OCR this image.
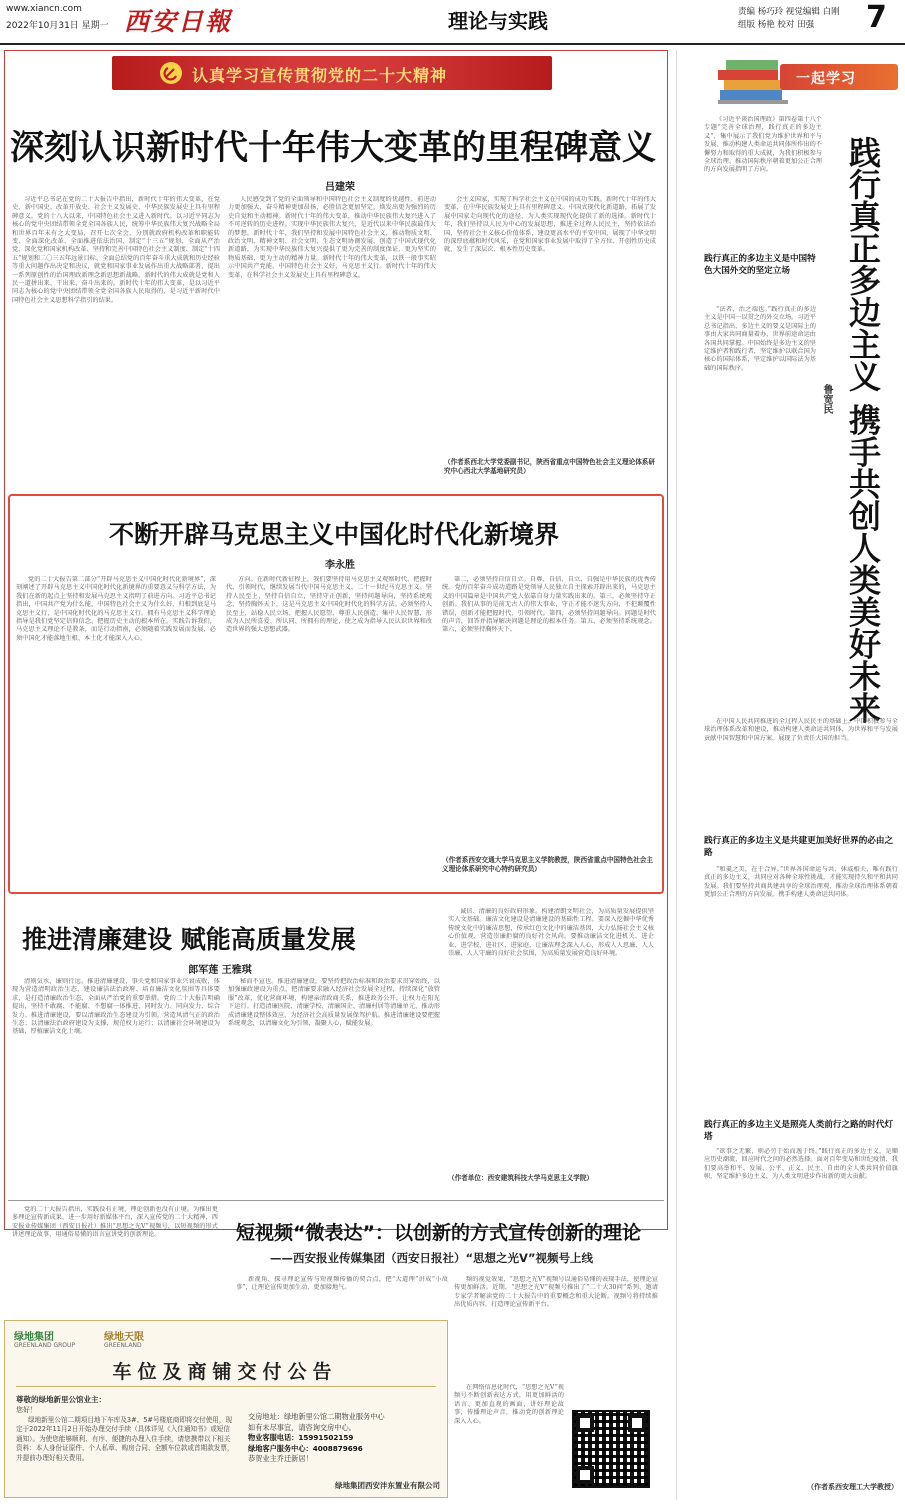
www.xiancn.com
2022年10月31日 星期一 西安日報	理论与实践	责编 杨巧玲 视觉编辑 白刚
组版 杨艳 校对 田强	7
认真学习宣传贯彻党的二十大精神
深刻认识新时代十年伟大变革的里程碑意义
吕建荣
习近平总书记在党的二十大报告中指出，新时代十年的伟大变革，在党史、新中国史、改革开放史、社会主义发展史、中华民族发展史上具有里程碑意义。党的十八大以来，中国特色社会主义进入新时代。以习近平同志为核心的党中央团结带领全党全国各族人民，统筹中华民族伟大复兴战略全局和世界百年未有之大变局，召开七次全会，分别就政府机构改革和职能转变、全面深化改革、全面推进依法治国、制定“十三五”规划、全面从严治党、深化党和国家机构改革、坚持和完善中国特色社会主义制度、制定“十四五”规划和二〇三五年远景目标、全面总结党的百年奋斗重大成就和历史经验等重大问题作出决定和决议，就党和国家事业发展作出重大战略部署，提出一系列原创性的治国理政新理念新思想新战略。新时代的伟大成就是党和人民一道拼出来、干出来、奋斗出来的。新时代十年的伟大变革，是以习近平同志为核心的党中央团结带领全党全国各族人民取得的，是习近平新时代中国特色社会主义思想科学指引的结果。
人民感受到了党的全面领导和中国特色社会主义制度的优越性，前进动力更加强大，奋斗精神更加昂扬，必胜信念更加坚定，焕发出更为强烈的历史自觉和主动精神。新时代十年的伟大变革，推动中华民族伟大复兴进入了不可逆转的历史进程。实现中华民族伟大复兴，是近代以来中华民族最伟大的梦想。新时代十年，我们坚持和发展中国特色社会主义，推动物质文明、政治文明、精神文明、社会文明、生态文明协调发展，创造了中国式现代化新道路，为实现中华民族伟大复兴提供了更为完善的制度保证、更为坚实的物质基础、更为主动的精神力量。新时代十年的伟大变革，以铁一般事实昭示中国共产党能，中国特色社会主义好，马克思主义行。新时代十年的伟大变革，在科学社会主义发展史上具有里程碑意义。
会主义国家，实现了科学社会主义在中国的成功实践。新时代十年的伟大变革，在中华民族发展史上具有里程碑意义。中国式现代化新道路，拓展了发展中国家走向现代化的途径，为人类实现现代化提供了新的选择。新时代十年，我们坚持以人民为中心的发展思想，推进全过程人民民主，坚持依法治国，坚持社会主义核心价值体系，建设更高水平的平安中国，展现了中华文明的深厚底蕴和时代风采，在党和国家事业发展中取得了全方位、开创性历史成就，发生了深层次、根本性历史变革。
（作者系西北大学党委副书记，陕西省重点中国特色社会主义理论体系研究中心西北大学基地研究员）
不断开辟马克思主义中国化时代化新境界
李永胜
党的二十大报告第二部分“开辟马克思主义中国化时代化新境界”，深刻阐述了开辟马克思主义中国化时代化新境界的重要意义与科学方法，为我们在新的起点上坚持和发展马克思主义指明了前进方向。习近平总书记指出，中国共产党为什么能，中国特色社会主义为什么好，归根到底是马克思主义行，是中国化时代化的马克思主义行。拥有马克思主义科学理论指导是我们党坚定信仰信念、把握历史主动的根本所在。实践告诉我们，马克思主义理论不是教条，而是行动指南，必须随着实践发展而发展，必须中国化才能落地生根、本土化才能深入人心。
方向。在新时代新征程上，我们要坚持用马克思主义观察时代、把握时代、引领时代，继续发展当代中国马克思主义、二十一世纪马克思主义。坚持人民至上，坚持自信自立，坚持守正创新，坚持问题导向，坚持系统观念，坚持胸怀天下，这是马克思主义中国化时代化的科学方法。必须坚持人民至上，站稳人民立场、把握人民愿望、尊重人民创造、集中人民智慧，形成为人民所喜爱、所认同、所拥有的理论，使之成为指导人民认识世界和改造世界的强大思想武器。
第二，必须坚持自信自立。自尊、自信、自立、自强是中华民族的优秀传统。党的百年奋斗成功道路是党领导人民独立自主探索开辟出来的，马克思主义的中国篇章是中国共产党人依靠自身力量实践出来的。第三，必须坚持守正创新。我们从事的是前无古人的伟大事业，守正才能不迷失方向、不犯颠覆性错误，创新才能把握时代、引领时代。第四，必须坚持问题导向。问题是时代的声音，回答并指导解决问题是理论的根本任务。第五，必须坚持系统观念。第六，必须坚持胸怀天下。
（作者系西安交通大学马克思主义学院教授，陕西省重点中国特色社会主义理论体系研究中心特约研究员）
推进清廉建设 赋能高质量发展
郎军莲 王雅琪
清则気水，廉则行远。推进清廉建设，事关党和国家事业兴衰成败，体现为营造清明政治生态、建设廉洁法治政府、培育廉洁文化氛围等具体要求，是打造清廉政治生态、全面从严治党的重要举措。党的二十大报告明确提出，坚持不敢腐、不能腐、不想腐一体推进，同时发力、同向发力、综合发力。推进清廉建设，要以清廉政治生态建设为引领，营造风清气正的政治生态；以清廉法治政府建设为支撑，规范权力运行；以清廉社会环境建设为基础，厚植廉洁文化土壤。
秘而不宣也。推进清廉建设，要坚持把政治标准和政治要求贯穿始终，以加强廉政建设为重点，把清廉要求融入经济社会发展全过程，持续深化“放管服”改革，优化营商环境，构建亲清政商关系，推进政务公开，让权力在阳光下运行。打造清廉医院、清廉学校、清廉国企、清廉村居等清廉单元，推动形成清廉建设整体效应，为经济社会高质量发展保驾护航。推进清廉建设要把握系统观念，以清廉文化为引领，凝聚人心，赋能发展。
诚信、清廉的良好政府形象。构建清朗文明社会，为高质量发展提供坚实人文基础。廉洁文化建设是清廉建设的基础性工程。要深入挖掘中华优秀传统文化中的廉洁思想，传承红色文化中的廉洁基因，大力弘扬社会主义核心价值观，营造崇廉拒腐的良好社会风尚。要推动廉洁文化进机关、进企业、进学校、进社区、进家庭，让廉洁理念深入人心，形成人人思廉、人人崇廉、人人守廉的良好社会氛围，为高质量发展营造良好环境。
（作者单位：西安建筑科技大学马克思主义学院）
党的二十大报告指出，实践没有止境，理论创新也没有止境。为推出更多理论宣传新成果，进一步用好新媒体平台，深入宣传党的二十大精神，西安报业传媒集团（西安日报社）推出“思想之光V”视频号，以短视频的形式讲述理论故事，用通俗易懂的语言宣讲党的创新理论。	短视频“微表达”：以创新的方式宣传创新的理论
——西安报业传媒集团（西安日报社）“思想之光V”视频号上线
新视角、探寻理论宣传与短视频传播的契合点，把“大道理”讲成“小故事”，让理论宣传更加生动、更加接地气。
频的视觉效果，“思想之光V”视频号以通俗易懂的表现手法，使理论宣传更加鲜活。近期，“思想之光V”视频号推出了“二十大30问”系列，邀请专家学者解读党的二十大报告中的重要概念和重大论断。视频号将持续推出优质内容，打造理论宣传新平台。
在网络信息化时代，“思想之光V”视频号不断创新表达方式，用更加鲜活的语言、更加直观的画面，讲好理论故事，传播理论声音，推动党的创新理论深入人心。
绿地集团
GREENLAND GROUP
绿地天限
GREENLAND
车位及商铺交付公告
尊敬的绿地新里公馆业主：
您好！
绿地新里公馆二期项目地下车库及3#、5#号楼底商即将交付使用，现定于2022年11月2日开始办理交付手续（具体详见《入住通知书》或短信通知）。为使您能够顺利、有序、便捷的办理入住手续，请您携带以下相关资料：本人身份证原件、个人私章、购房合同、全额车位款或首期款发票，并提前办理好相关费用。
交房地址：绿地新里公馆二期物业服务中心
如有未尽事宜，请咨询交房中心。
物业客服电话：15991502159
绿地客户服务中心：4008879696
恭贺业主乔迁新居！
绿地集团西安沣东置业有限公司
一起学习
《习近平谈治国理政》第四卷第十八个专题“完善全球治理，践行真正的多边主义”，集中展示了我们党为维护世界和平与发展、推动构建人类命运共同体所作出的不懈努力和取得的重大成就，为我们积极参与全球治理、推动国际秩序朝着更加公正合理的方向发展指明了方向。	践行真正多边主义 携手共创人类美好未来
鲁宽民
践行真正的多边主义是中国特色大国外交的坚定立场
“法者，治之端也。”践行真正的多边主义是中国一以贯之的外交立场。习近平总书记指出，多边主义的要义是国际上的事由大家共同商量着办，世界前途命运由各国共同掌握。中国始终是多边主义的坚定维护者和践行者，坚定维护以联合国为核心的国际体系，坚定维护以国际法为基础的国际秩序。
在中国人民共同推进的全过程人民民主的基础上，中国积极参与全球治理体系改革和建设，推动构建人类命运共同体，为世界和平与发展贡献中国智慧和中国方案，展现了负责任大国的担当。
践行真正的多边主义是共建更加美好世界的必由之路
“和羹之美，在于合异。”世界各国命运与共、休戚相关，唯有践行真正的多边主义，共同应对各种全球性挑战，才能实现持久和平和共同发展。我们要坚持共商共建共享的全球治理观，推动全球治理体系朝着更加公正合理的方向发展，携手构建人类命运共同体。
践行真正的多边主义是照亮人类前行之路的时代灯塔
“欲事之无繁，则必劳于始而逸于终。”践行真正的多边主义，是顺应历史潮流、回应时代之问的必然选择。面对百年变局和世纪疫情，我们要高举和平、发展、公平、正义、民主、自由的全人类共同价值旗帜，坚定维护多边主义，为人类文明进步作出新的更大贡献。
（作者系西安理工大学教授）
